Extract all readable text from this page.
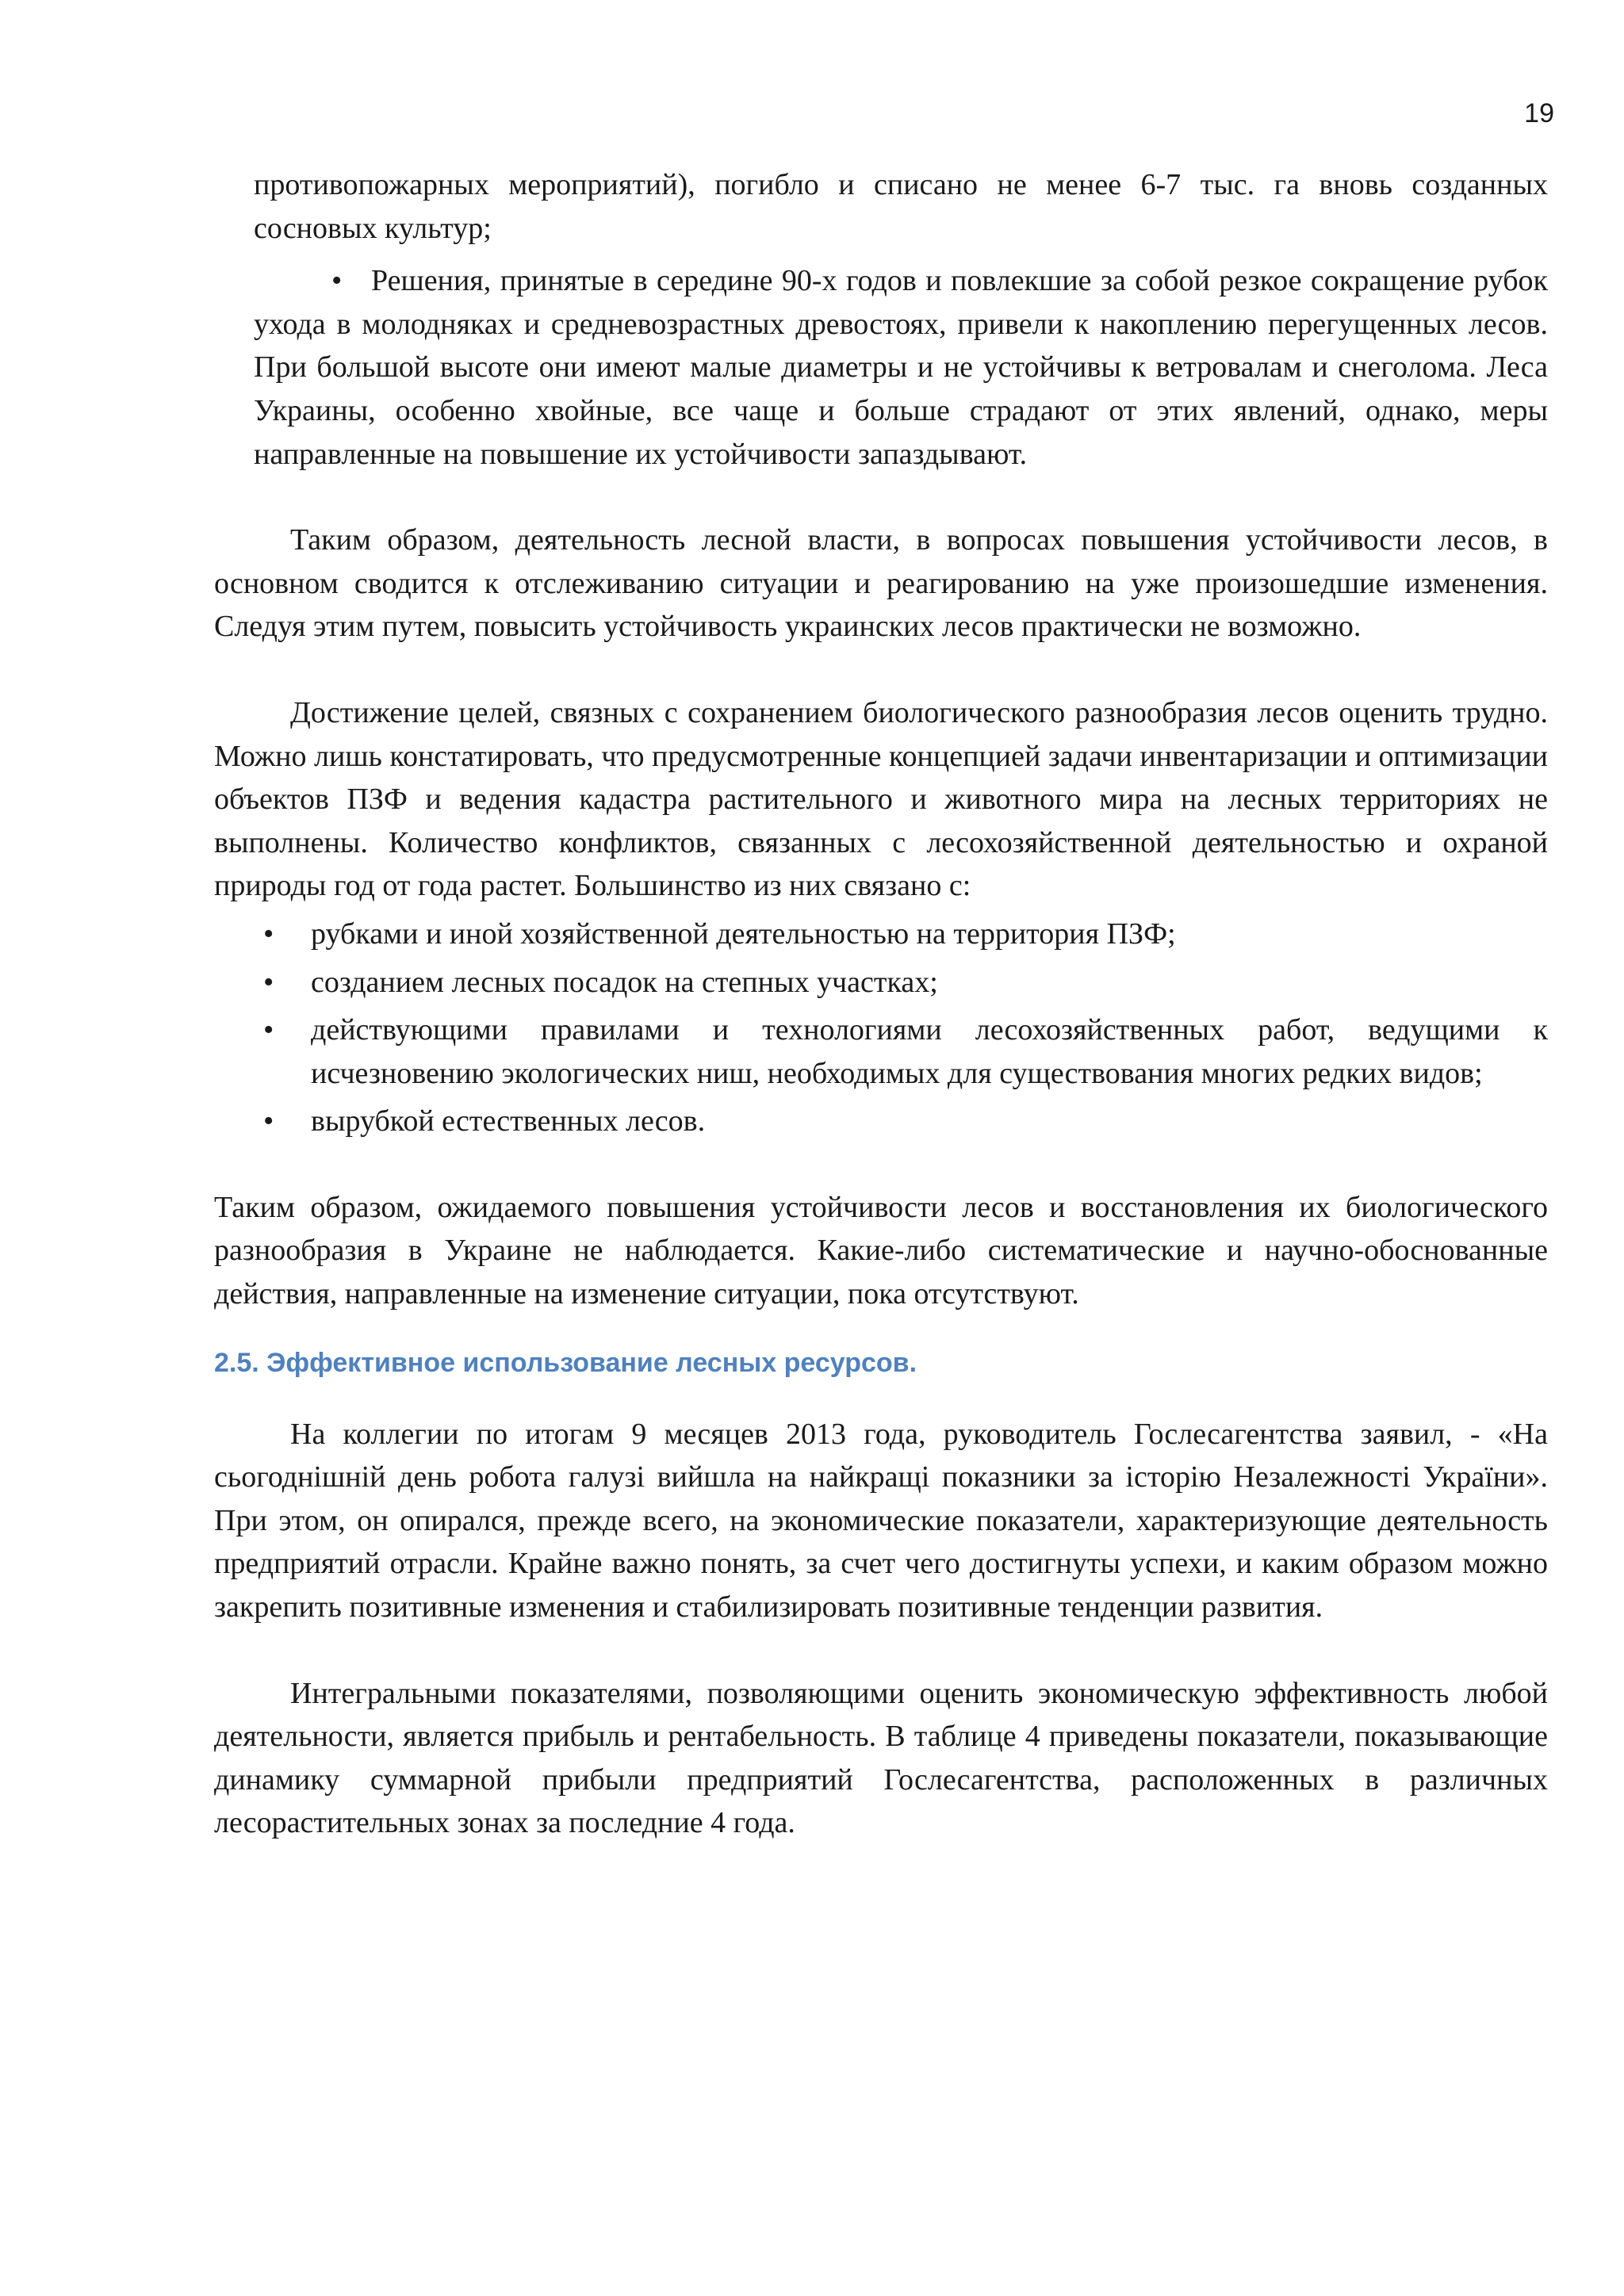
19

противопожарных мероприятий), погибло и списано не менее 6-7 тыс. га вновь созданных сосновых культур;

• Решения, принятые в середине 90-х годов и повлекшие за собой резкое сокращение рубок ухода в молодняках и средневозрастных древостоях, привели к накоплению перегущенных лесов. При большой высоте они имеют малые диаметры и не устойчивы к ветровалам и снеголома. Леса Украины, особенно хвойные, все чаще и больше страдают от этих явлений, однако, меры направленные на повышение их устойчивости запаздывают.

Таким образом, деятельность лесной власти, в вопросах повышения устойчивости лесов, в основном сводится к отслеживанию ситуации и реагированию на уже произошедшие изменения. Следуя этим путем, повысить устойчивость украинских лесов практически не возможно.

Достижение целей, связных с сохранением биологического разнообразия лесов оценить трудно. Можно лишь констатировать, что предусмотренные концепцией задачи инвентаризации и оптимизации объектов ПЗФ и ведения кадастра растительного и животного мира на лесных территориях не выполнены. Количество конфликтов, связанных с лесохозяйственной деятельностью и охраной природы год от года растет. Большинство из них связано с:

• рубками и иной хозяйственной деятельностью на территория ПЗФ;
• созданием лесных посадок на степных участках;
• действующими правилами и технологиями лесохозяйственных работ, ведущими к исчезновению экологических ниш, необходимых для существования многих редких видов;
• вырубкой естественных лесов.

Таким образом, ожидаемого повышения устойчивости лесов и восстановления их биологического разнообразия в Украине не наблюдается. Какие-либо систематические и научно-обоснованные действия, направленные на изменение ситуации, пока отсутствуют.

2.5. Эффективное использование лесных ресурсов.

На коллегии по итогам 9 месяцев 2013 года, руководитель Гослесагентства заявил, - «На сьогоднішній день робота галузі вийшла на найкращі показники за історію Незалежності України». При этом, он опирался, прежде всего, на экономические показатели, характеризующие деятельность предприятий отрасли. Крайне важно понять, за счет чего достигнуты успехи, и каким образом можно закрепить позитивные изменения и стабилизировать позитивные тенденции развития.

Интегральными показателями, позволяющими оценить экономическую эффективность любой деятельности, является прибыль и рентабельность. В таблице 4 приведены показатели, показывающие динамику суммарной прибыли предприятий Гослесагентства, расположенных в различных лесорастительных зонах за последние 4 года.
